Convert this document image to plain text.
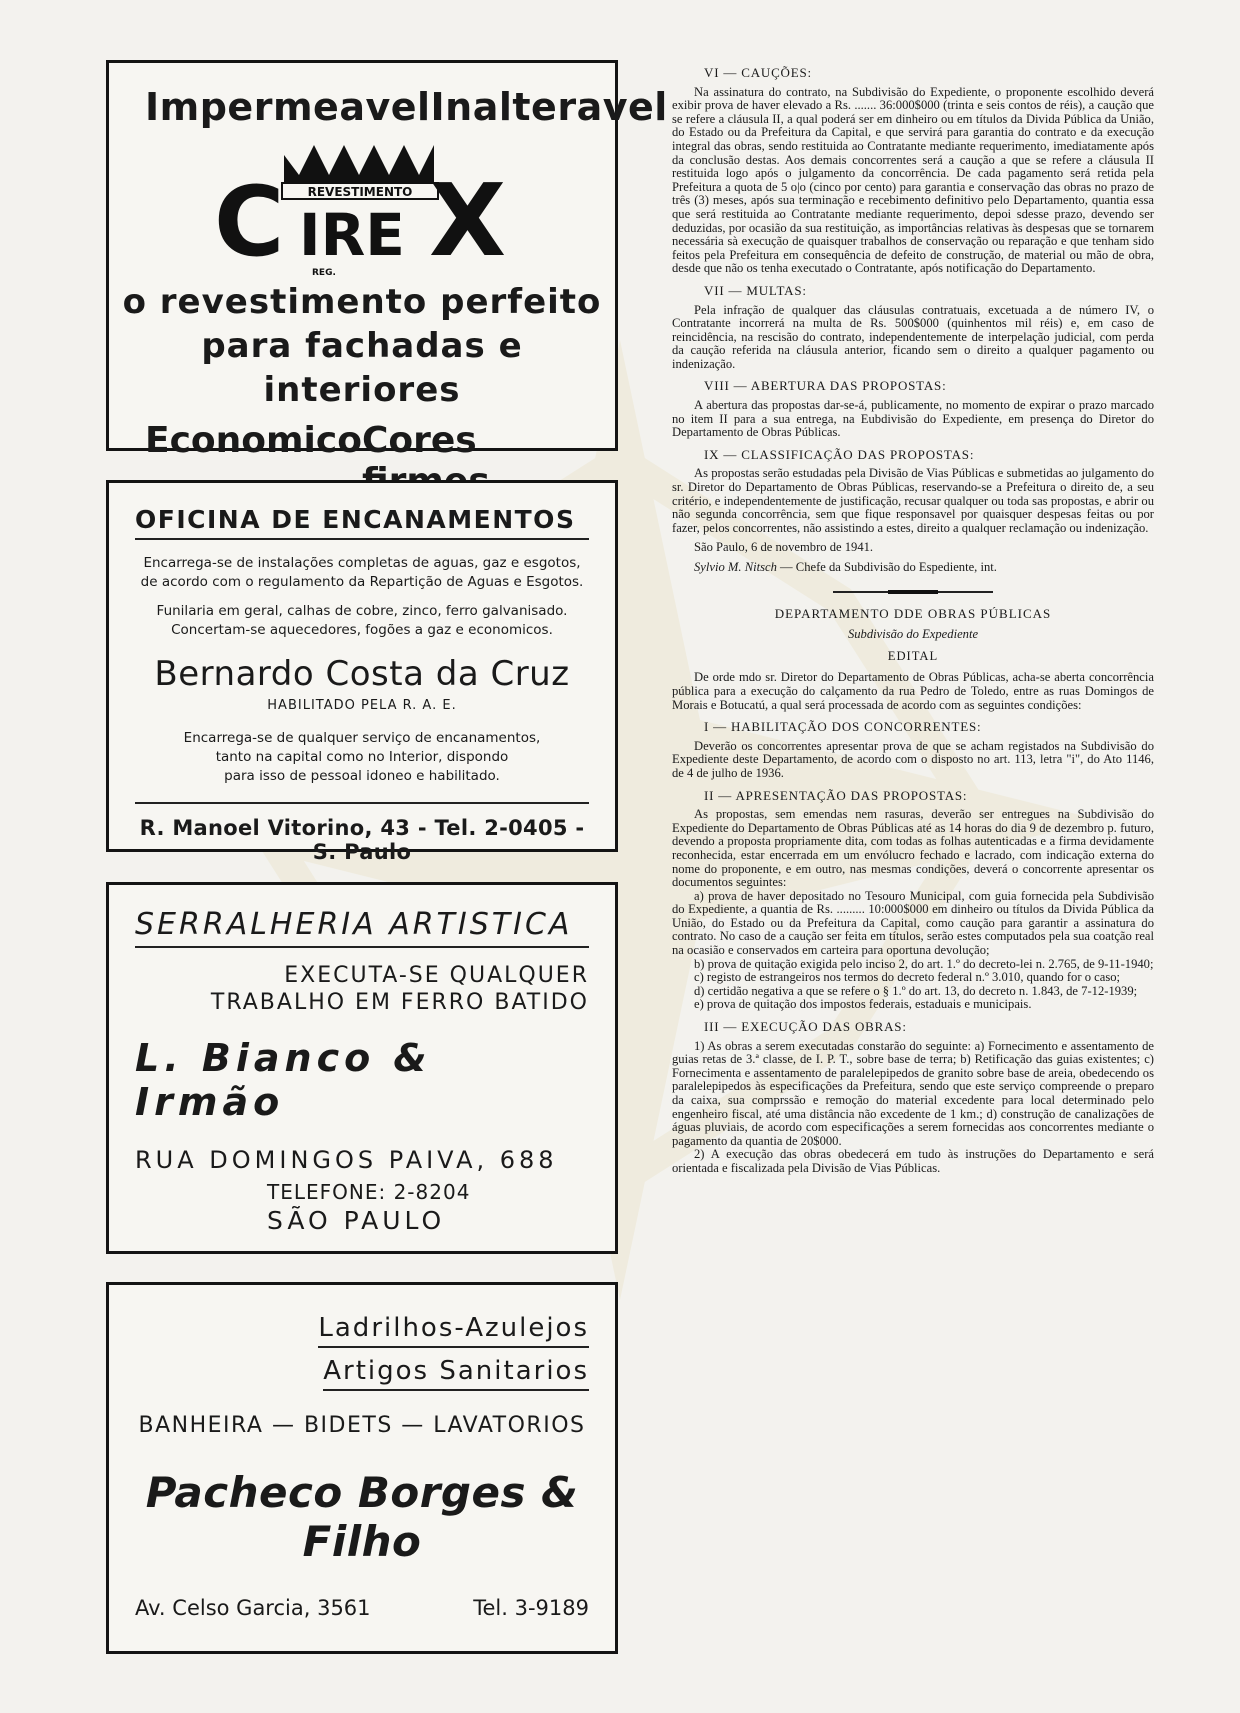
Impermeavel Inalteravel
REVESTIMENTO
C IRE X
REG.
o revestimento perfeito
para fachadas e interiores
Economico Cores
OFICINA DE ENCANAMENTOS
Encarrega-se de instalações completas de aguas, gaz e esgotos,
de acordo com o regulamento da Repartição de Aguas e Esgotos.
Funilaria em geral, calhas de cobre, zinco, ferro galvanisado.
Concertam-se aquecedores, fogões a gaz e economicos.
Bernardo Costa da Cruz
HABILITADO PELA R. A. E.
Encarrega-se de qualquer serviço de encanamentos,
tanto na capital como no Interior, dispondo
para isso de pessoal idoneo e habilitado.
R. Manoel Vitorino, 43 - Tel. 2-0405 - S. Paulo
SERRALHERIA ARTISTICA
EXECUTA-SE QUALQUER
TRABALHO EM FERRO BATIDO
L. Bianco & Irmão
RUA DOMINGOS PAIVA, 688
TELEFONE: 2-8204
SÃO PAULO
Ladrilhos-Azulejos
Artigos Sanitarios
BANHEIRA — BIDETS — LAVATORIOS
Pacheco Borges & Filho
Av. Celso Garcia, 3561	Tel. 3-9189

VI — CAUÇÕES:

Na assinatura do contrato, na Subdivisão do Expediente, o proponente escolhido deverá exibir prova de haver elevado a Rs. ....... 36:000$000 (trinta e seis contos de réis), a caução que se refere a cláusula II, a qual poderá ser em dinheiro ou em títulos da Divida Pública da União, do Estado ou da Prefeitura da Capital, e que servirá para garantia do contrato e da execução integral das obras, sendo restituida ao Contratante mediante requerimento, imediatamente após da conclusão destas. Aos demais concorrentes será a caução a que se refere a cláusula II restituida logo após o julgamento da concorrência. De cada pagamento será retida pela Prefeitura a quota de 5 o|o (cinco por cento) para garantia e conservação das obras no prazo de três (3) meses, após sua terminação e recebimento definitivo pelo Departamento, quantia essa que será restituida ao Contratante mediante requerimento, depoi sdesse prazo, devendo ser deduzidas, por ocasião da sua restituição, as importâncias relativas às despesas que se tornarem necessária sà execução de quaisquer trabalhos de conservação ou reparação e que tenham sido feitos pela Prefeitura em consequência de defeito de construção, de material ou mão de obra, desde que não os tenha executado o Contratante, após notificação do Departamento.

VII — MULTAS:

Pela infração de qualquer das cláusulas contratuais, excetuada a de número IV, o Contratante incorrerá na multa de Rs. 500$000 (quinhentos mil réis) e, em caso de reincidência, na rescisão do contrato, independentemente de interpelação judicial, com perda da caução referida na cláusula anterior, ficando sem o direito a qualquer pagamento ou indenização.

VIII — ABERTURA DAS PROPOSTAS:

A abertura das propostas dar-se-á, publicamente, no momento de expirar o prazo marcado no item II para a sua entrega, na Eubdivisão do Expediente, em presença do Diretor do Departamento de Obras Públicas.

IX — CLASSIFICAÇÃO DAS PROPOSTAS:

As propostas serão estudadas pela Divisão de Vias Públicas e submetidas ao julgamento do sr. Diretor do Departamento de Obras Públicas, reservando-se a Prefeitura o direito de, a seu critério, e independentemente de justificação, recusar qualquer ou toda sas propostas, e abrir ou não segunda concorrência, sem que fique responsavel por quaisquer despesas feitas ou por fazer, pelos concorrentes, não assistindo a estes, direito a qualquer reclamação ou indenização.

São Paulo, 6 de novembro de 1941.

Sylvio M. Nitsch — Chefe da Subdivisão do Espediente, int.

DEPARTAMENTO DDE OBRAS PÚBLICAS

Subdivisão do Expediente

EDITAL

De orde mdo sr. Diretor do Departamento de Obras Públicas, acha-se aberta concorrência pública para a execução do calçamento da rua Pedro de Toledo, entre as ruas Domingos de Morais e Botucatú, a qual será processada de acordo com as seguintes condições:

I — HABILITAÇÃO DOS CONCORRENTES:

Deverão os concorrentes apresentar prova de que se acham registados na Subdivisão do Expediente deste Departamento, de acordo com o disposto no art. 113, letra "i", do Ato 1146, de 4 de julho de 1936.

II — APRESENTAÇÃO DAS PROPOSTAS:

As propostas, sem emendas nem rasuras, deverão ser entregues na Subdivisão do Expediente do Departamento de Obras Públicas até as 14 horas do dia 9 de dezembro p. futuro, devendo a proposta propriamente dita, com todas as folhas autenticadas e a firma devidamente reconhecida, estar encerrada em um envólucro fechado e lacrado, com indicação externa do nome do proponente, e em outro, nas mesmas condições, deverá o concorrente apresentar os documentos seguintes:

a) prova de haver depositado no Tesouro Municipal, com guia fornecida pela Subdivisão do Expediente, a quantia de Rs. ......... 10:000$000 em dinheiro ou títulos da Divida Pública da União, do Estado ou da Prefeitura da Capital, como caução para garantir a assinatura do contrato. No caso de a caução ser feita em títulos, serão estes computados pela sua coatção real na ocasião e conservados em carteira para oportuna devolução;

b) prova de quitação exigida pelo inciso 2, do art. 1.º do decreto-lei n. 2.765, de 9-11-1940;

c) registo de estrangeiros nos termos do decreto federal n.º 3.010, quando for o caso;

d) certidão negativa a que se refere o § 1.º do art. 13, do decreto n. 1.843, de 7-12-1939;

e) prova de quitação dos impostos federais, estaduais e municipais.

III — EXECUÇÃO DAS OBRAS:

1) As obras a serem executadas constarão do seguinte: a) Fornecimento e assentamento de guias retas de 3.ª classe, de I. P. T., sobre base de terra; b) Retificação das guias existentes; c) Fornecimenta e assentamento de paralelepipedos de granito sobre base de areia, obedecendo os paralelepipedos às especificações da Prefeitura, sendo que este serviço compreende o preparo da caixa, sua comprssão e remoção do material excedente para local determinado pelo engenheiro fiscal, até uma distância não excedente de 1 km.; d) construção de canalizações de águas pluviais, de acordo com especificações a serem fornecidas aos concorrentes mediante o pagamento da quantia de 20$000.

2) A execução das obras obedecerá em tudo às instruções do Departamento e será orientada e fiscalizada pela Divisão de Vias Públicas.
